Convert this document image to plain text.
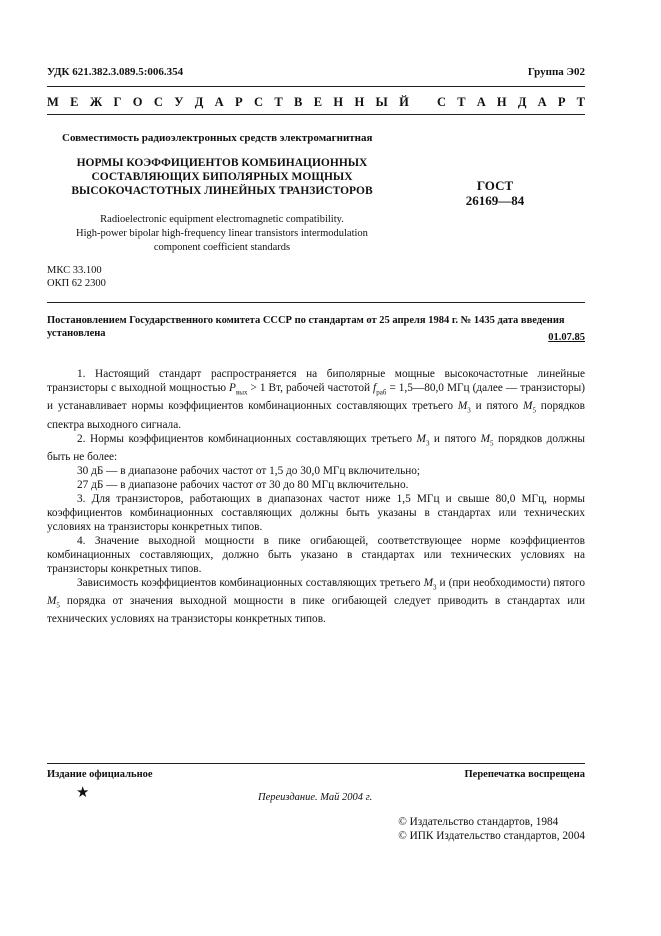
УДК 621.382.3.089.5:006.354	Группа Э02
М Е Ж Г О С У Д А Р С Т В Е Н Н Ы Й С Т А Н Д А Р Т
Совместимость радиоэлектронных средств электромагнитная
НОРМЫ КОЭФФИЦИЕНТОВ КОМБИНАЦИОННЫХ
СОСТАВЛЯЮЩИХ БИПОЛЯРНЫХ МОЩНЫХ
ВЫСОКОЧАСТОТНЫХ ЛИНЕЙНЫХ ТРАНЗИСТОРОВ	ГОСТ
26169—84
Radioelectronic equipment electromagnetic compatibility.
High-power bipolar high-frequency linear transistors intermodulation
component coefficient standards
МКС 33.100
ОКП 62 2300
Постановлением Государственного комитета СССР по стандартам от 25 апреля 1984 г. № 1435 дата введения установлена	01.07.85

1. Настоящий стандарт распространяется на биполярные мощные высокочастотные линейные транзисторы с выходной мощностью $P_{вых} > 1$ Вт, рабочей частотой $f_{раб}$ = 1,5—80,0 МГц (далее — транзисторы) и устанавливает нормы коэффициентов комбинационных составляющих третьего $M_3$ и пятого $M_5$ порядков спектра выходного сигнала.

2. Нормы коэффициентов комбинационных составляющих третьего $M_3$ и пятого $M_5$ порядков должны быть не более:

30 дБ — в диапазоне рабочих частот от 1,5 до 30,0 МГц включительно;

27 дБ — в диапазоне рабочих частот от 30 до 80 МГц включительно.

3. Для транзисторов, работающих в диапазонах частот ниже 1,5 МГц и свыше 80,0 МГц, нормы коэффициентов комбинационных составляющих должны быть указаны в стандартах или технических условиях на транзисторы конкретных типов.

4. Значение выходной мощности в пике огибающей, соответствующее норме коэффициентов комбинационных составляющих, должно быть указано в стандартах или технических условиях на транзисторы конкретных типов.

Зависимость коэффициентов комбинационных составляющих третьего $M_3$ и (при необходимости) пятого $M_5$ порядка от значения выходной мощности в пике огибающей следует приводить в стандартах или технических условиях на транзисторы конкретных типов.

Издание официальное	Перепечатка воспрещена
★	Переиздание. Май 2004 г.
© Издательство стандартов, 1984
© ИПК Издательство стандартов, 2004
